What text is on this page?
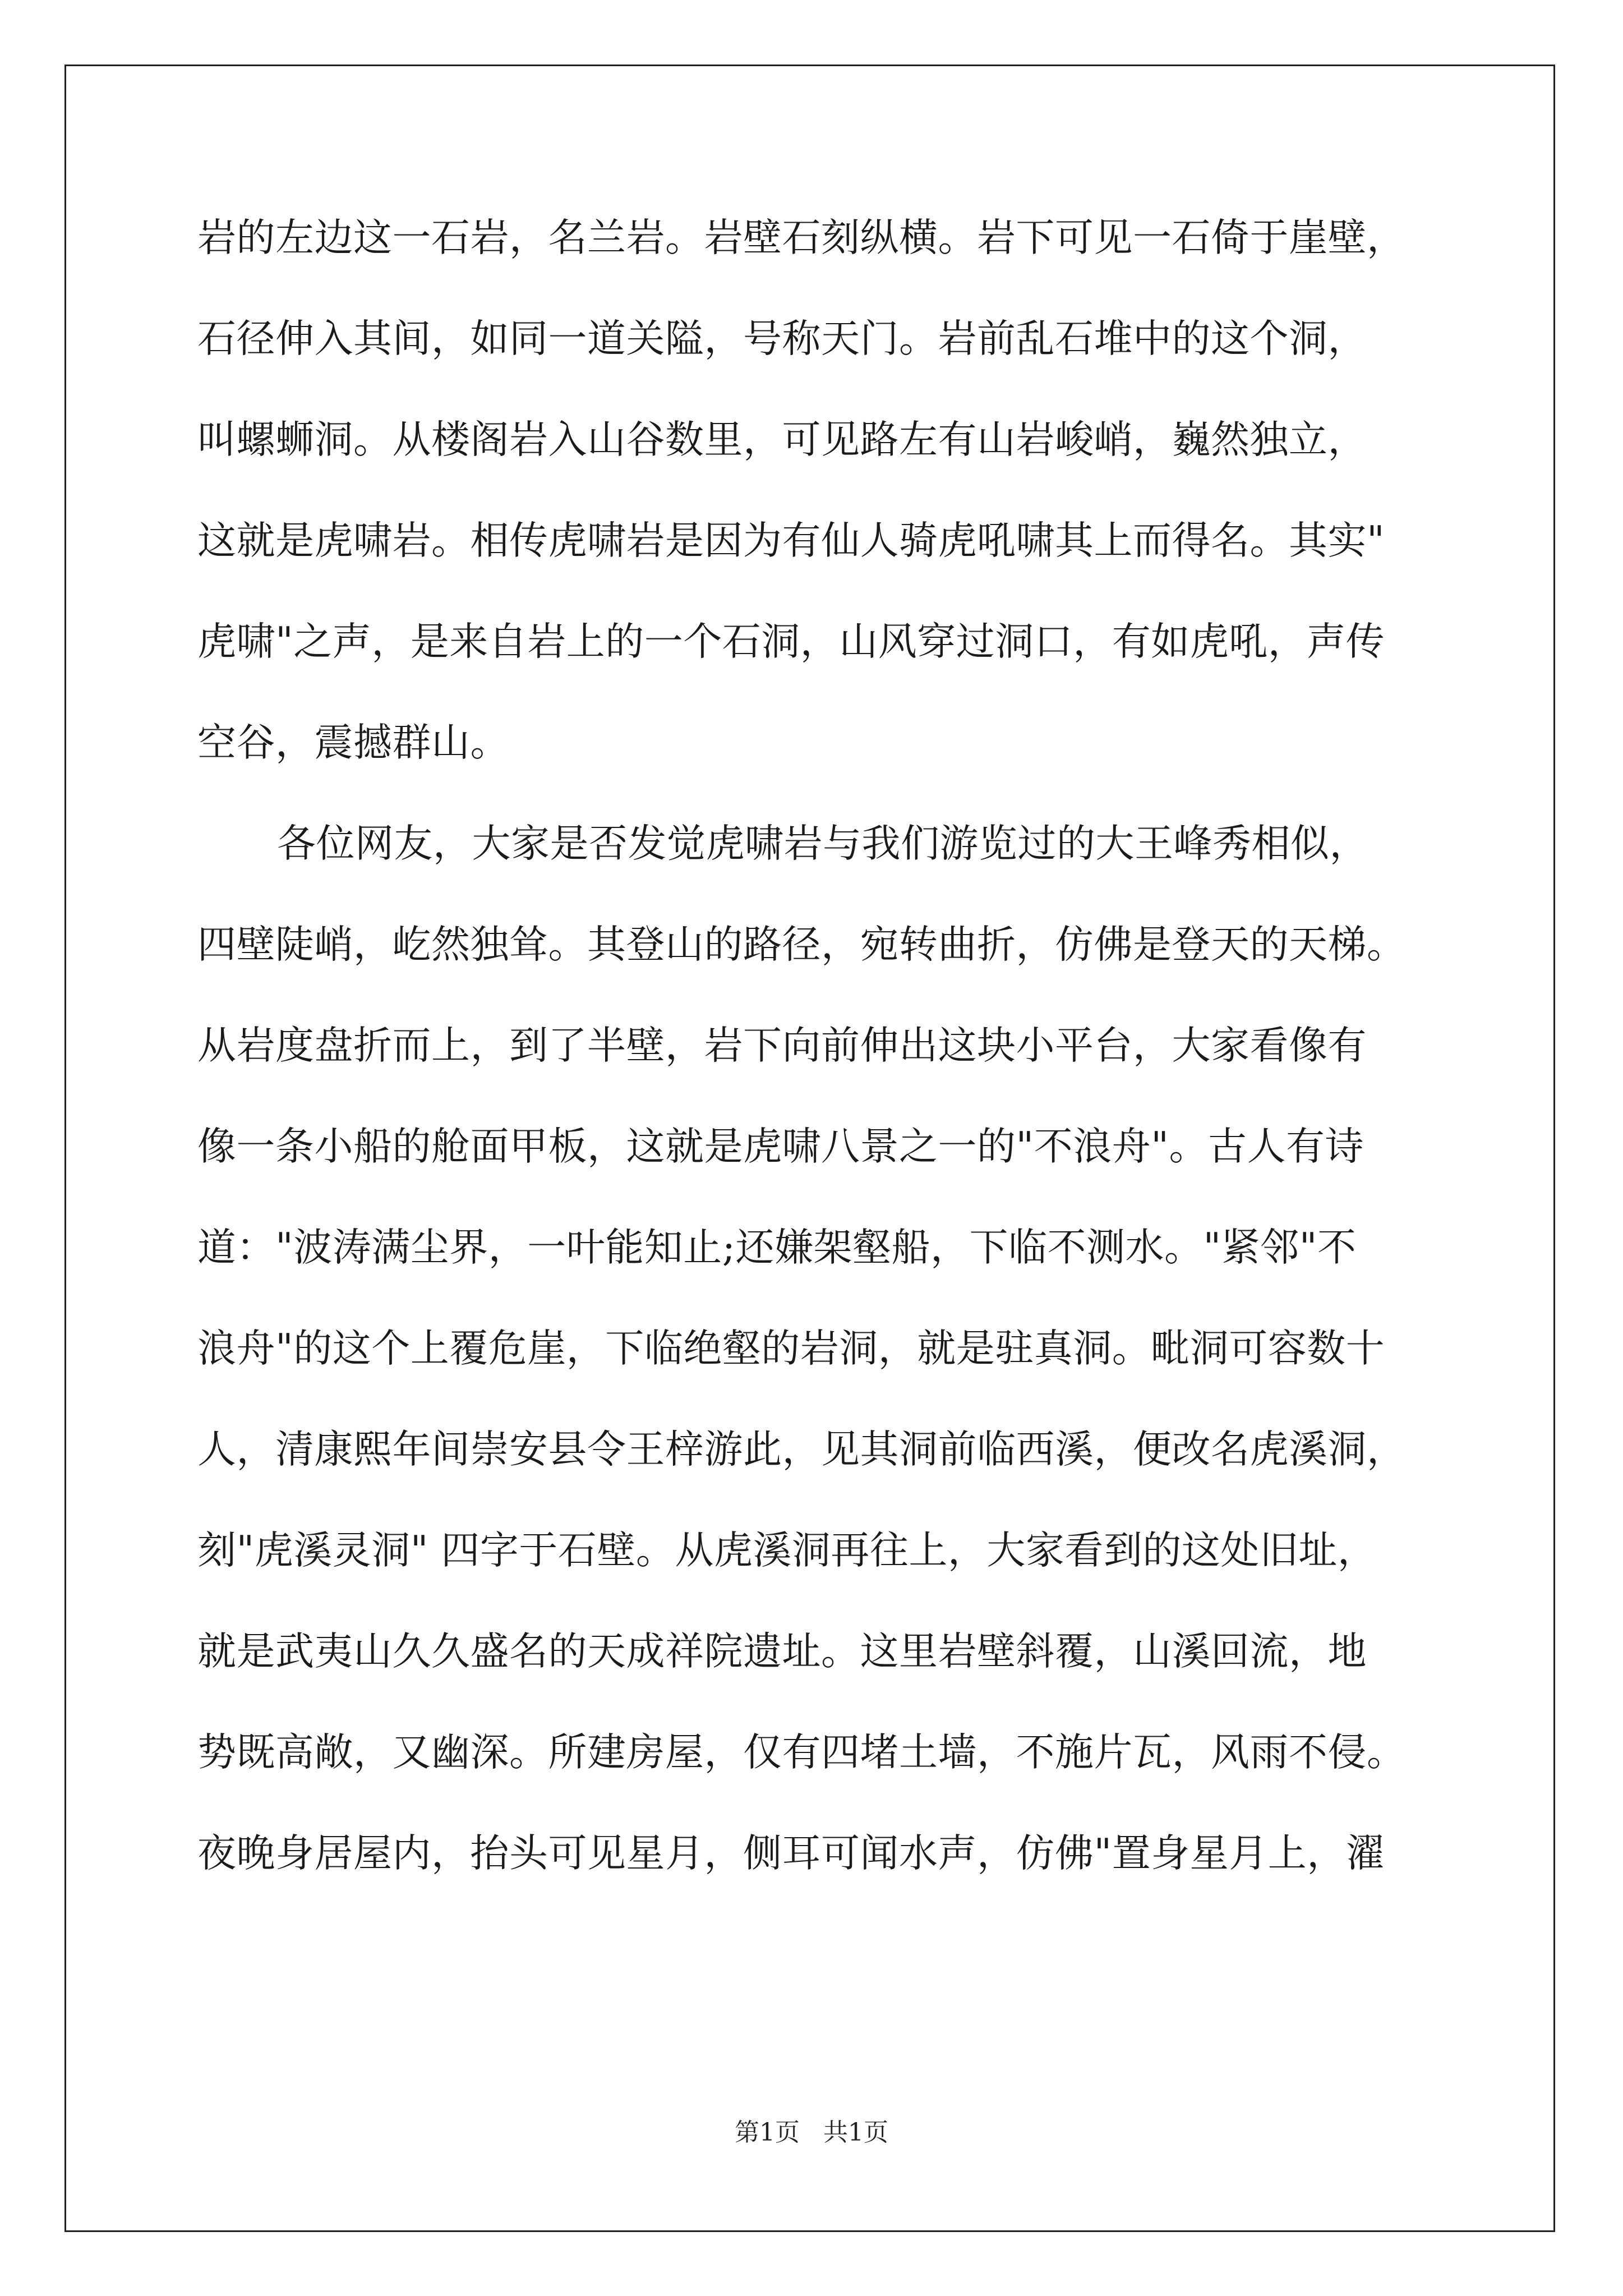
岩的左边这一石岩，名兰岩。岩壁石刻纵横。岩下可见一石倚于崖壁，
石径伸入其间，如同一道关隘，号称天门。岩前乱石堆中的这个洞，
叫螺蛳洞。从楼阁岩入山谷数里，可见路左有山岩峻峭，巍然独立，
这就是虎啸岩。相传虎啸岩是因为有仙人骑虎吼啸其上而得名。其实"
虎啸"之声，是来自岩上的一个石洞，山风穿过洞口，有如虎吼，声传
空谷，震撼群山。
各位网友，大家是否发觉虎啸岩与我们游览过的大王峰秀相似，
四壁陡峭，屹然独耸。其登山的路径，宛转曲折，仿佛是登天的天梯。
从岩度盘折而上，到了半壁，岩下向前伸出这块小平台，大家看像有
像一条小船的舱面甲板，这就是虎啸八景之一的"不浪舟"。古人有诗
道："波涛满尘界，一叶能知止;还嫌架壑船，下临不测水。"紧邻"不
浪舟"的这个上覆危崖，下临绝壑的岩洞，就是驻真洞。毗洞可容数十
人，清康熙年间崇安县令王梓游此，见其洞前临西溪，便改名虎溪洞，
刻"虎溪灵洞" 四字于石壁。从虎溪洞再往上，大家看到的这处旧址，
就是武夷山久久盛名的天成祥院遗址。这里岩壁斜覆，山溪回流，地
势既高敞，又幽深。所建房屋，仅有四堵土墙，不施片瓦，风雨不侵。
夜晚身居屋内，抬头可见星月，侧耳可闻水声，仿佛"置身星月上，濯
第1页   共1页
